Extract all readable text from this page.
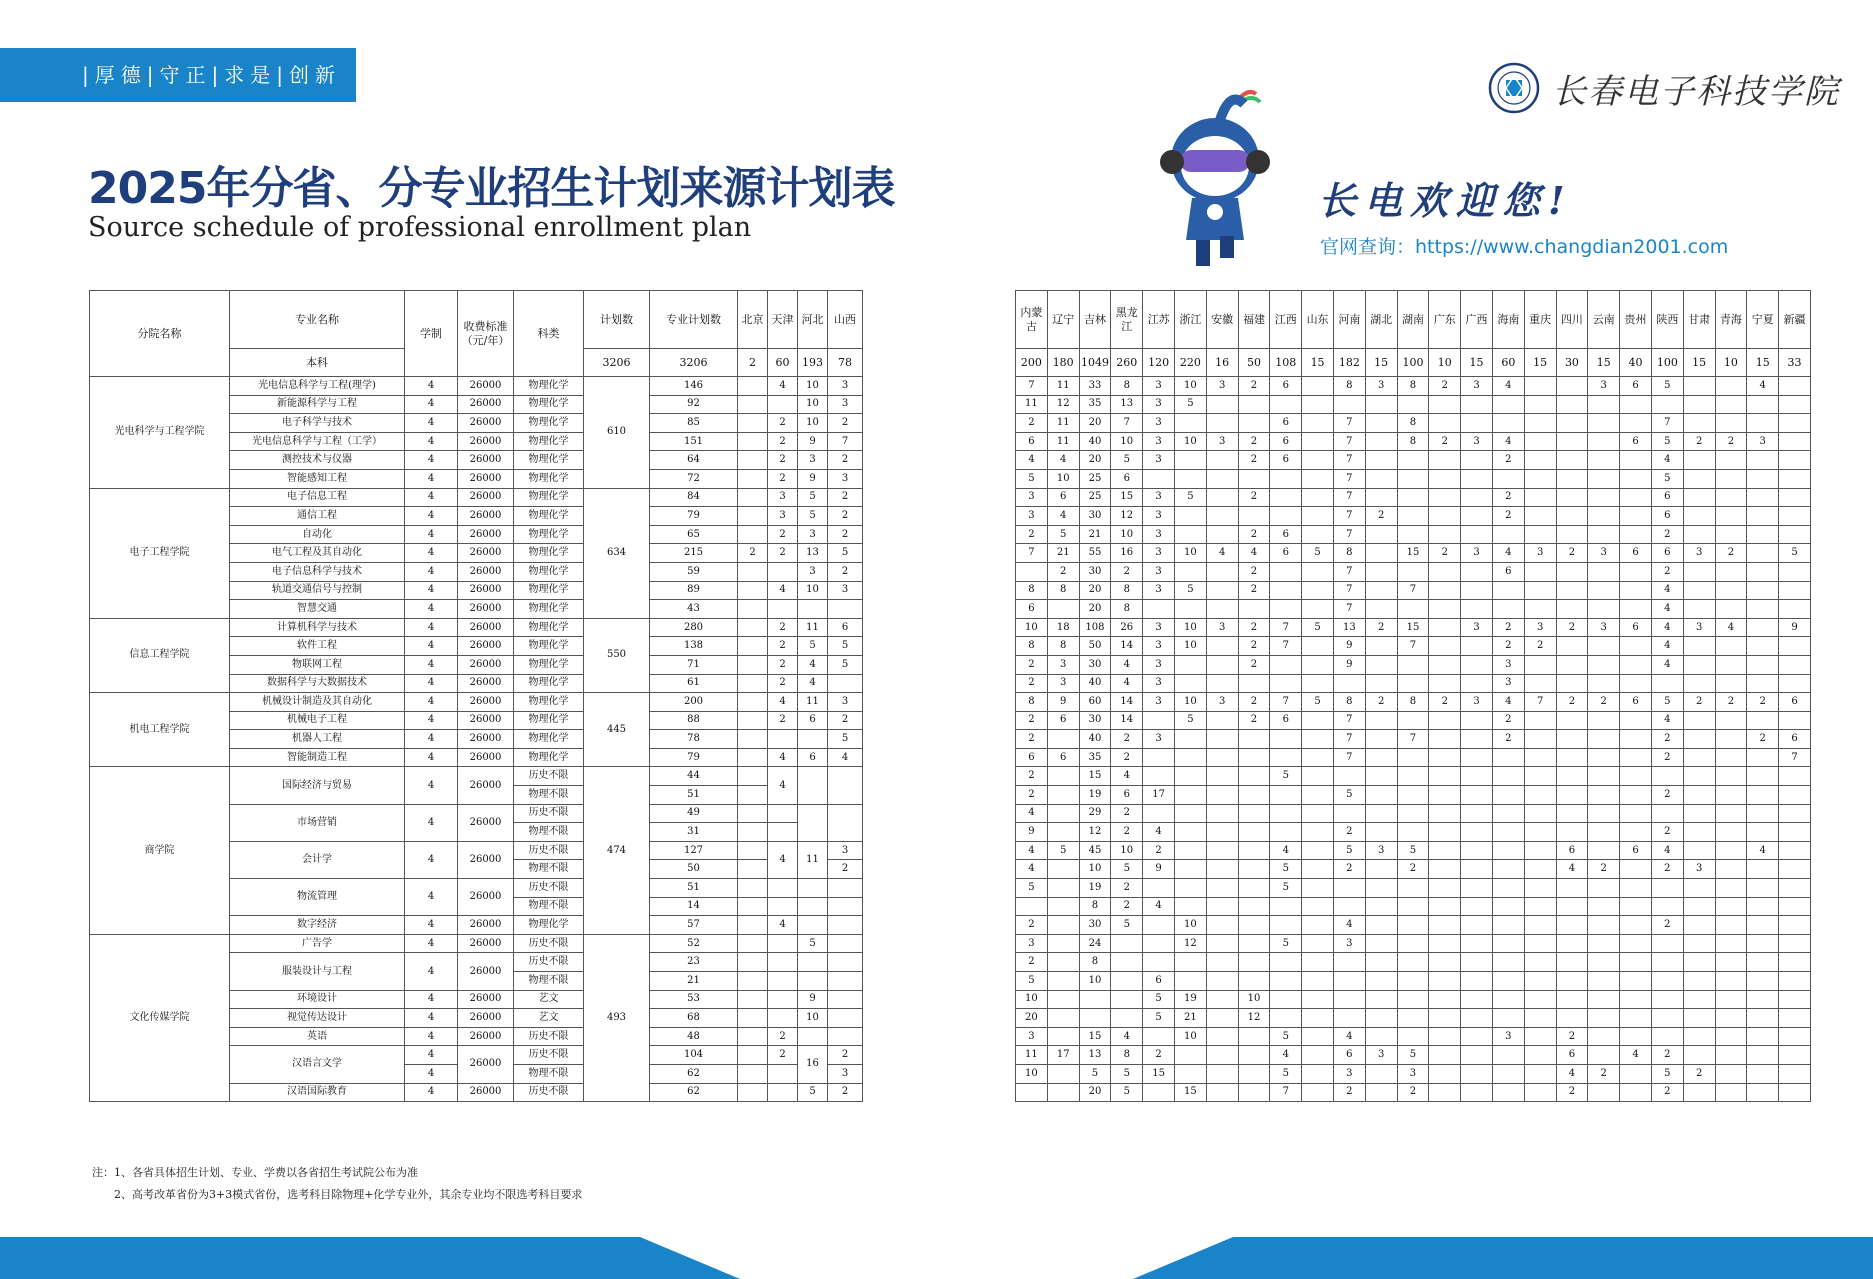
|厚德|守正|求是|创新
2025年分省、分专业招生计划来源计划表
Source schedule of professional enrollment plan
长春电子科技学院
长电欢迎您!
官网查询：https://www.changdian2001.com
分院名称	专业名称	学制	收费标准（元/年）	科类	计划数	专业计划数	北京	天津	河北	山西
	本科				3206	3206	2	60	193	78
光电科学与工程学院	光电信息科学与工程(理学)	4	26000	物理化学	610	146		4	10	3
	新能源科学与工程	4	26000	物理化学		92			10	3
	电子科学与技术	4	26000	物理化学		85		2	10	2
	光电信息科学与工程（工学）	4	26000	物理化学		151		2	9	7
	测控技术与仪器	4	26000	物理化学		64		2	3	2
	智能感知工程	4	26000	物理化学		72		2	9	3
电子工程学院	电子信息工程	4	26000	物理化学	634	84		3	5	2
	通信工程	4	26000	物理化学		79		3	5	2
	自动化	4	26000	物理化学		65		2	3	2
	电气工程及其自动化	4	26000	物理化学		215	2	2	13	5
	电子信息科学与技术	4	26000	物理化学		59			3	2
	轨道交通信号与控制	4	26000	物理化学		89		4	10	3
	智慧交通	4	26000	物理化学		43				
信息工程学院	计算机科学与技术	4	26000	物理化学	550	280		2	11	6
	软件工程	4	26000	物理化学		138		2	5	5
	物联网工程	4	26000	物理化学		71		2	4	5
	数据科学与大数据技术	4	26000	物理化学		61		2	4	
机电工程学院	机械设计制造及其自动化	4	26000	物理化学	445	200		4	11	3
	机械电子工程	4	26000	物理化学		88		2	6	2
	机器人工程	4	26000	物理化学		78				5
	智能制造工程	4	26000	物理化学		79		4	6	4
商学院	国际经济与贸易	4	26000	历史不限	474	44		4		
				物理不限		51				
	市场营销	4	26000	历史不限		49				
				物理不限		31				
	会计学	4	26000	历史不限		127		4	11	3
				物理不限		50				2
	物流管理	4	26000	历史不限		51				
				物理不限		14				
	数字经济	4	26000	物理化学		57		4		
文化传媒学院	广告学	4	26000	历史不限	493	52			5	
	服装设计与工程	4	26000	历史不限		23				
				物理不限		21				
	环境设计	4	26000	艺文		53			9	
	视觉传达设计	4	26000	艺文		68			10	
	英语	4	26000	历史不限		48		2		
	汉语言文学	4	26000	历史不限		104		2	16	2
		4		物理不限		62				3
	汉语国际教育	4	26000	历史不限		62			5	2
内蒙古	辽宁	吉林	黑龙江	江苏	浙江	安徽	福建	江西	山东	河南	湖北	湖南	广东	广西	海南	重庆	四川	云南	贵州	陕西	甘肃	青海	宁夏	新疆
200	180	1049	260	120	220	16	50	108	15	182	15	100	10	15	60	15	30	15	40	100	15	10	15	33
7	11	33	8	3	10	3	2	6		8	3	8	2	3	4			3	6	5			4	
11	12	35	13	3	5																			
2	11	20	7	3				6		7		8								7				
6	11	40	10	3	10	3	2	6		7		8	2	3	4				6	5	2	2	3	
4	4	20	5	3			2	6		7					2					4				
5	10	25	6							7										5				
3	6	25	15	3	5		2			7					2					6				
3	4	30	12	3						7	2				2					6				
2	5	21	10	3			2	6		7										2				
7	21	55	16	3	10	4	4	6	5	8		15	2	3	4	3	2	3	6	6	3	2		5
	2	30	2	3			2			7					6					2				
8	8	20	8	3	5		2			7		7								4				
6		20	8							7										4				
10	18	108	26	3	10	3	2	7	5	13	2	15		3	2	3	2	3	6	4	3	4		9
8	8	50	14	3	10		2	7		9		7			2	2				4				
2	3	30	4	3			2			9					3					4				
2	3	40	4	3											3									
8	9	60	14	3	10	3	2	7	5	8	2	8	2	3	4	7	2	2	6	5	2	2	2	6
2	6	30	14		5		2	6		7					2					4				
2		40	2	3						7		7			2					2			2	6
6	6	35	2							7										2				7
2		15	4					5																
2		19	6	17						5										2				
4		29	2																					
9		12	2	4						2										2				
4	5	45	10	2				4		5	3	5					6		6	4			4	
4		10	5	9				5		2		2					4	2		2	3			
5		19	2					5																
		8	2	4																				
2		30	5		10					4										2				
3		24			12			5		3														
2		8																						
5		10		6																				
10				5	19		10																	
20				5	21		12																	
3		15	4		10			5		4					3		2							
11	17	13	8	2				4		6	3	5					6		4	2				
10		5	5	15				5		3		3					4	2		5	2			
		20	5		15			7		2		2					2			2				
注：1、各省具体招生计划、专业、学费以各省招生考试院公布为准
2、高考改革省份为3+3模式省份，选考科目除物理+化学专业外，其余专业均不限选考科目要求
